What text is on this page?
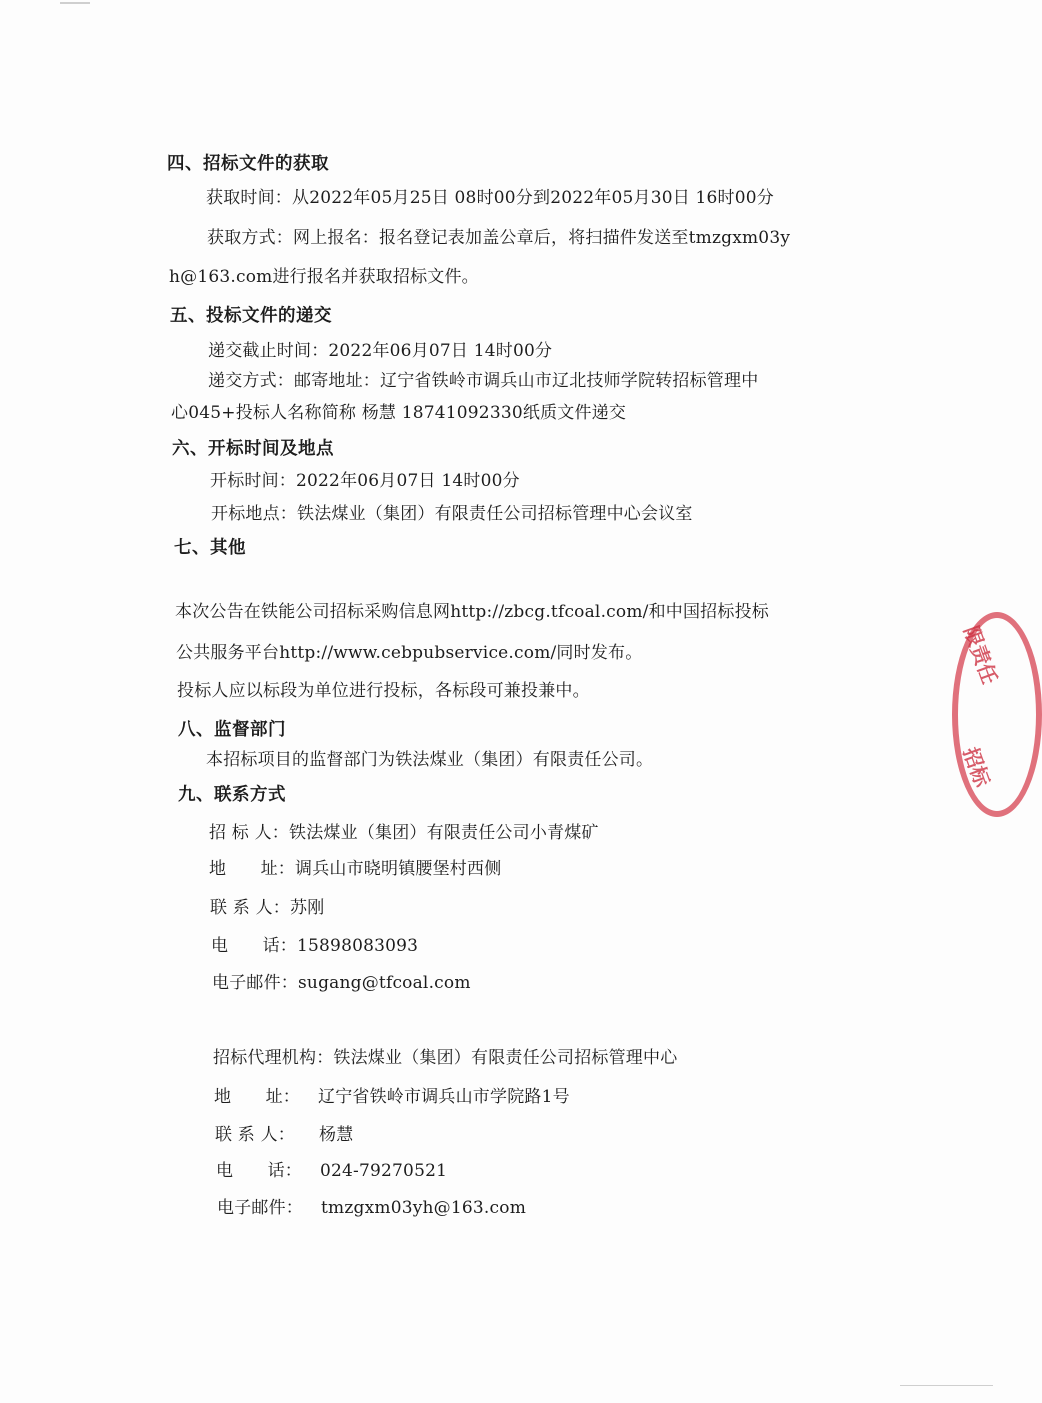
四、招标文件的获取
获取时间：从2022年05月25日 08时00分到2022年05月30日 16时00分
获取方式：网上报名：报名登记表加盖公章后，将扫描件发送至tmzgxm03y
h@163.com进行报名并获取招标文件。
五、投标文件的递交
递交截止时间：2022年06月07日 14时00分
递交方式：邮寄地址：辽宁省铁岭市调兵山市辽北技师学院转招标管理中
心045+投标人名称简称 杨慧 18741092330纸质文件递交
六、开标时间及地点
开标时间：2022年06月07日 14时00分
开标地点：铁法煤业（集团）有限责任公司招标管理中心会议室
七、其他
本次公告在铁能公司招标采购信息网http://zbcg.tfcoal.com/和中国招标投标
公共服务平台http://www.cebpubservice.com/同时发布。
投标人应以标段为单位进行投标，各标段可兼投兼中。
八、监督部门
本招标项目的监督部门为铁法煤业（集团）有限责任公司。
九、联系方式
招 标 人：铁法煤业（集团）有限责任公司小青煤矿
地　　址：调兵山市晓明镇腰堡村西侧
联 系 人：苏刚
电　　话：15898083093
电子邮件：sugang@tfcoal.com
招标代理机构：铁法煤业（集团）有限责任公司招标管理中心
地　　址： 辽宁省铁岭市调兵山市学院路1号
联 系 人： 杨慧
电　　话： 024-79270521
电子邮件： tmzgxm03yh@163.com
限责任
招标
